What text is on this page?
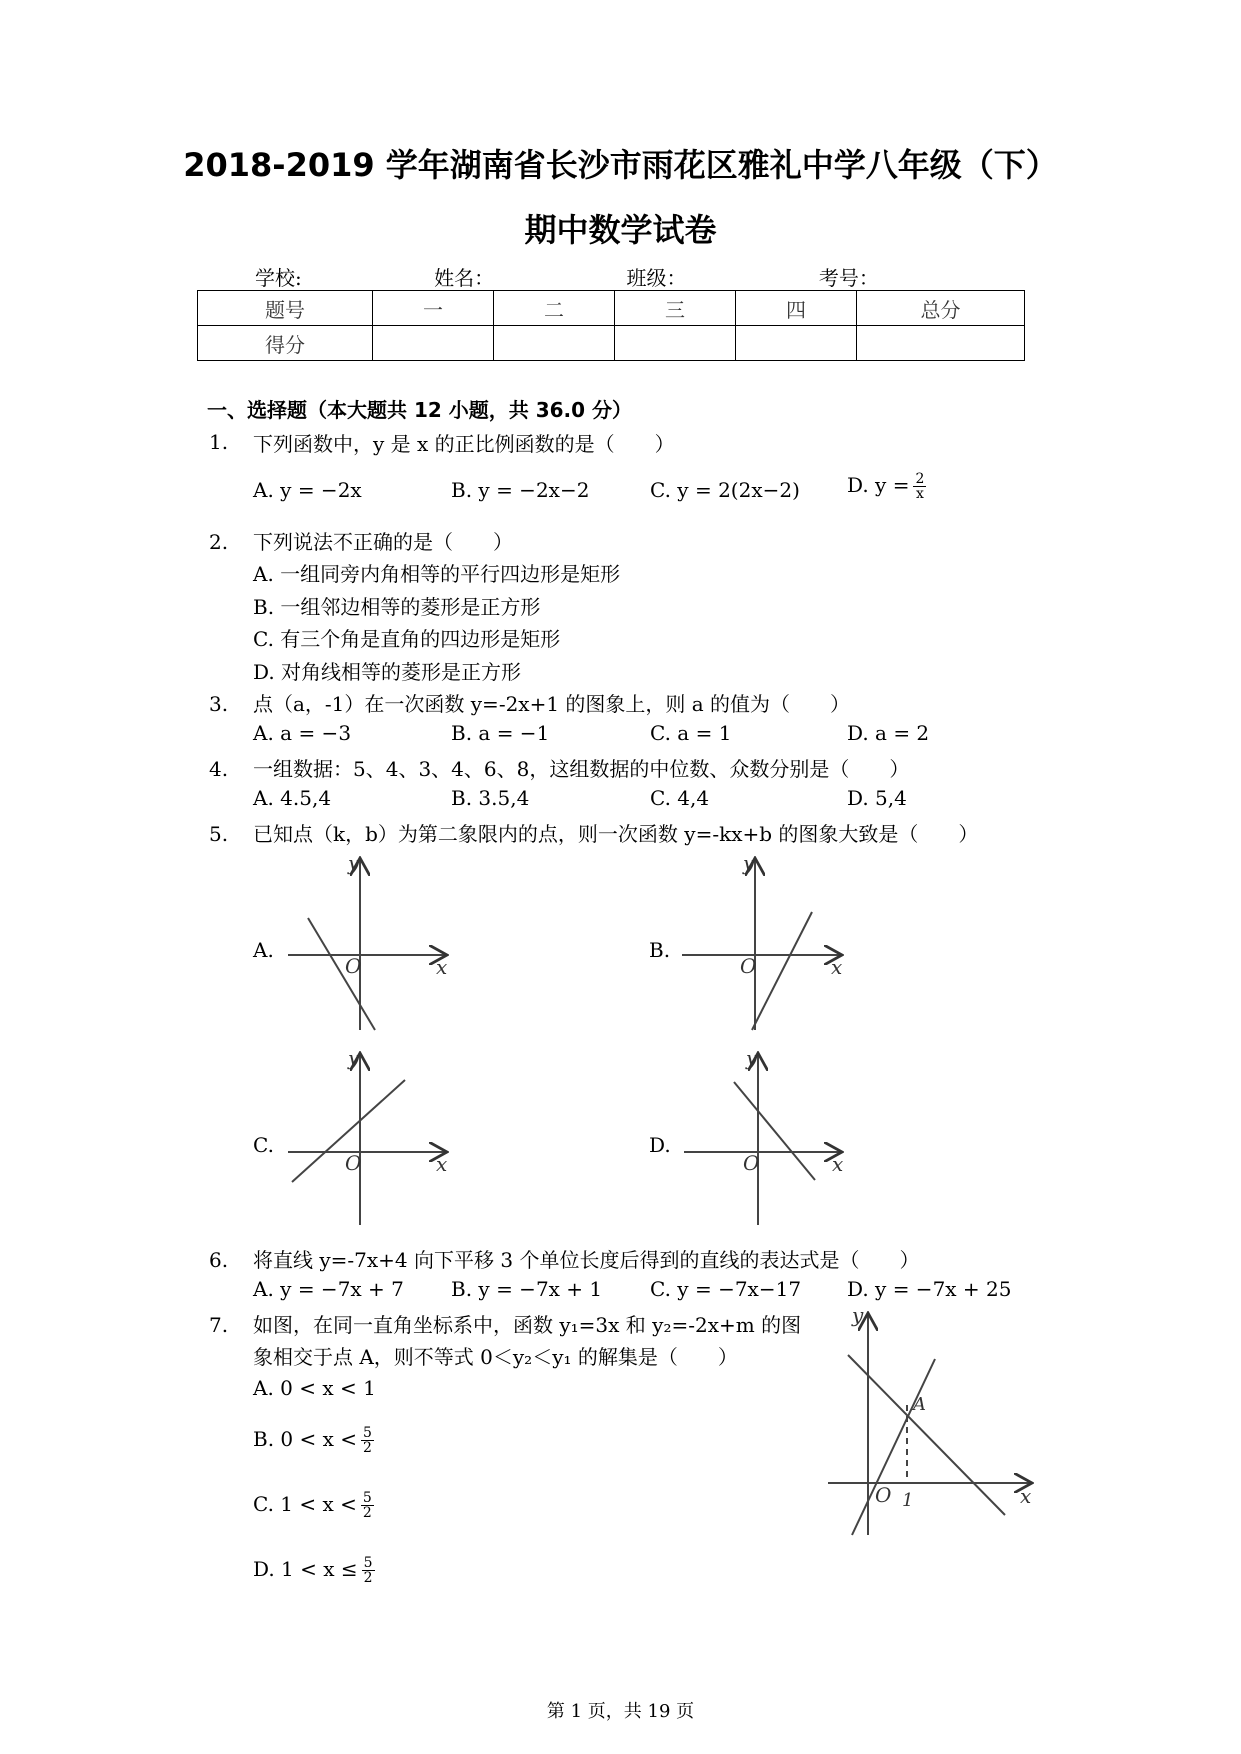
2018-2019 学年湖南省长沙市雨花区雅礼中学八年级（下）
期中数学试卷
学校:	姓名：	班级：	考号：
题号	一	二	三	四	总分
得分					
一、选择题（本大题共 12 小题，共 36.0 分）
1. 下列函数中，y 是 x 的正比例函数的是（　　）
A. y = −2x	B. y = −2x−2	C. y = 2(2x−2) D. $y = \frac{2}{x}$
2. 下列说法不正确的是（　　）
A. 一组同旁内角相等的平行四边形是矩形
B. 一组邻边相等的菱形是正方形
C. 有三个角是直角的四边形是矩形
D. 对角线相等的菱形是正方形
3. 点（a，-1）在一次函数 y=-2x+1 的图象上，则 a 的值为（　　）
A. a = −3	B. a = −1	C. a = 1	D. a = 2
4. 一组数据：5、4、3、4、6、8，这组数据的中位数、众数分别是（　　）
A. 4.5,4	B. 3.5,4	C. 4,4	D. 5,4
5. 已知点（k，b）为第二象限内的点，则一次函数 y=-kx+b 的图象大致是（　　）
A.	B.
C.	D.
y
x
O
y
x
O
y
x
O
y
x
O
y
x
O
A
1
6. 将直线 y=-7x+4 向下平移 3 个单位长度后得到的直线的表达式是（　　）
A. y = −7x + 7 B. y = −7x + 1 C. y = −7x−17 D. y = −7x + 25
7. 如图，在同一直角坐标系中，函数 y₁=3x 和 y₂=-2x+m 的图
象相交于点 A，则不等式 0＜y₂＜y₁ 的解集是（　　）
A. 0 < x < 1
B. $0 < x < \frac{5}{2}$
C. $1 < x < \frac{5}{2}$
D. $1 < x \le \frac{5}{2}$
第 1 页，共 19 页
